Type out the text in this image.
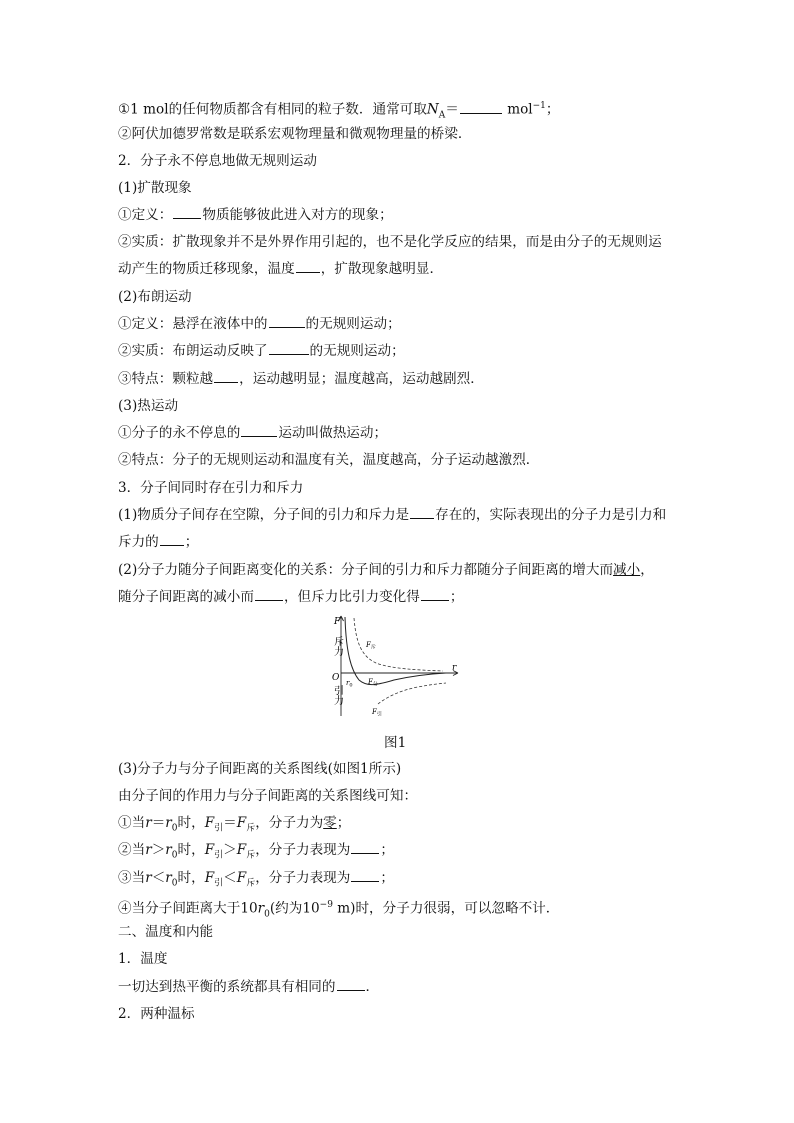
①1 mol的任何物质都含有相同的粒子数．通常可取$N_A=$	mol$^{-1}$；
②阿伏加德罗常数是联系宏观物理量和微观物理量的桥梁．
2．分子永不停息地做无规则运动
(1)扩散现象
①定义： 物质能够彼此进入对方的现象；
②实质：扩散现象并不是外界作用引起的，也不是化学反应的结果，而是由分子的无规则运
动产生的物质迁移现象，温度 ，扩散现象越明显．
(2)布朗运动
①定义：悬浮在液体中的	的无规则运动；
②实质：布朗运动反映了	的无规则运动；
③特点：颗粒越 ，运动越明显；温度越高，运动越剧烈．
(3)热运动
①分子的永不停息的	运动叫做热运动；
②特点：分子的无规则运动和温度有关，温度越高，分子运动越激烈．
3．分子间同时存在引力和斥力
(1)物质分子间存在空隙，分子间的引力和斥力是 存在的，实际表现出的分子力是引力和
斥力的 ；
(2)分子力随分子间距离变化的关系：分子间的引力和斥力都随分子间距离的增大而减小，
随分子间距离的减小而 ，但斥力比引力变化得 ；
F
r
O
斥力
引力
$r_0$
$F_斥$
$F_分$
$F_引$
图1
(3)分子力与分子间距离的关系图线(如图1所示)
由分子间的作用力与分子间距离的关系图线可知：
①当$r=r_0$时，$F_引=F_斥$，分子力为零；
②当$r>r_0$时，$F_引>F_斥$，分子力表现为 ；
③当$r<r_0$时，$F_引<F_斥$，分子力表现为 ；
④当分子间距离大于$10r_0$(约为$10^{-9}$ m)时，分子力很弱，可以忽略不计．
二、温度和内能
1．温度
一切达到热平衡的系统都具有相同的 ．
2．两种温标
